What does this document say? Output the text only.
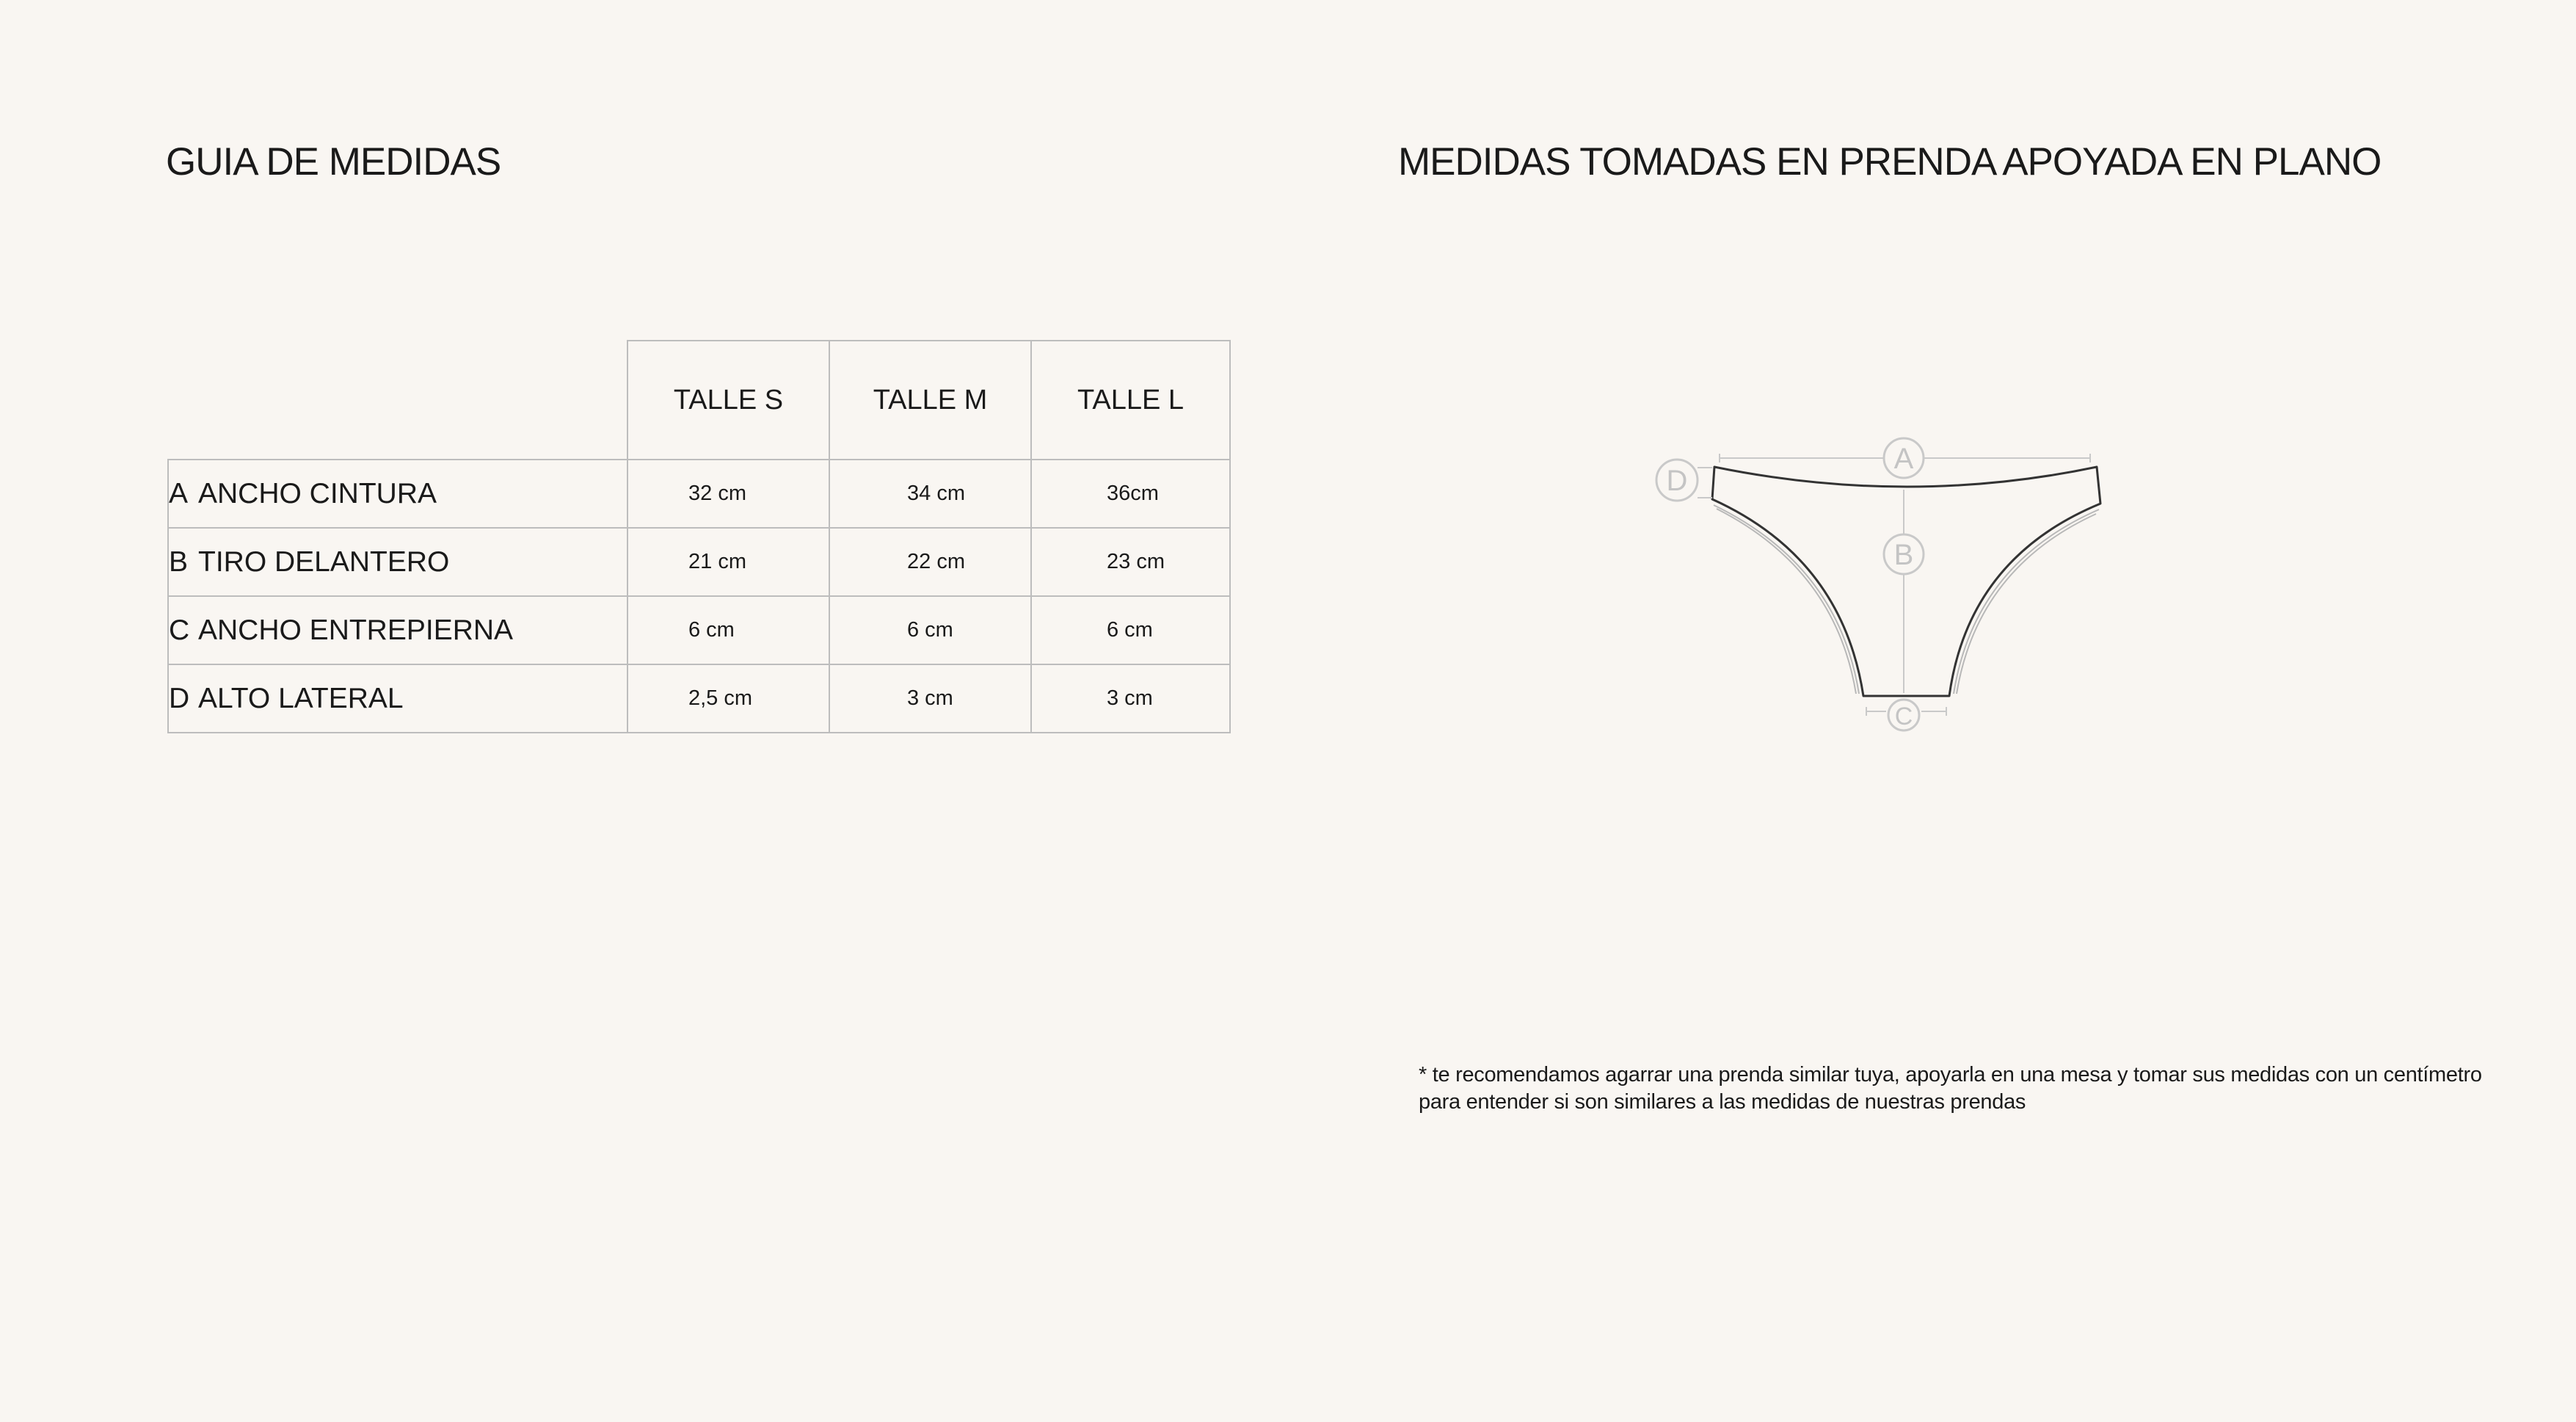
GUIA DE MEDIDAS	MEDIDAS TOMADAS EN PRENDA APOYADA EN PLANO
	TALLE S	TALLE M	TALLE L
A ANCHO CINTURA	32 cm	34 cm	36cm
B TIRO DELANTERO	21 cm	22 cm	23 cm
C ANCHO ENTREPIERNA	6 cm	6 cm	6 cm
D ALTO LATERAL	2,5 cm	3 cm	3 cm
A
B
C
D

* te recomendamos agarrar una prenda similar tuya, apoyarla en una mesa y tomar sus medidas con un centímetro
para entender si son similares a las medidas de nuestras prendas
